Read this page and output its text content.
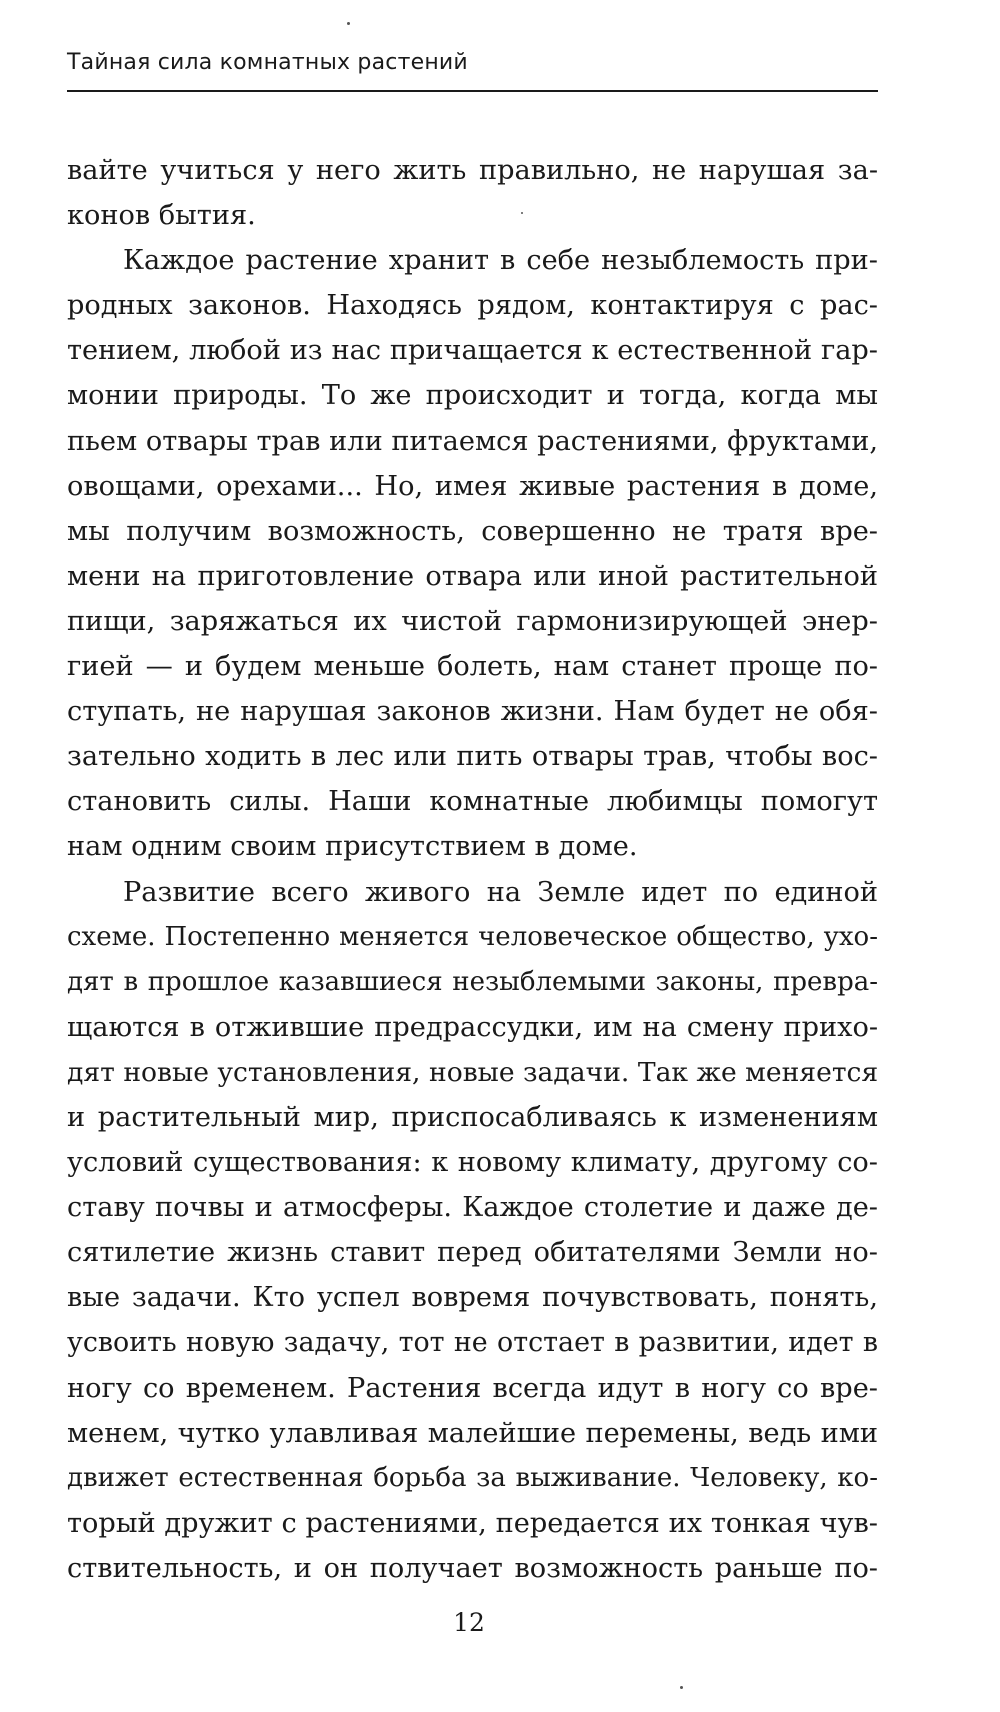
Тайная сила комнатных растений
вайте учиться у него жить правильно, не нарушая за-
конов бытия.
Каждое растение хранит в себе незыблемость при-
родных законов. Находясь рядом, контактируя с рас-
тением, любой из нас причащается к естественной гар-
монии природы. То же происходит и тогда, когда мы
пьем отвары трав или питаемся растениями, фруктами,
овощами, орехами... Но, имея живые растения в доме,
мы получим возможность, совершенно не тратя вре-
мени на приготовление отвара или иной растительной
пищи, заряжаться их чистой гармонизирующей энер-
гией — и будем меньше болеть, нам станет проще по-
ступать, не нарушая законов жизни. Нам будет не обя-
зательно ходить в лес или пить отвары трав, чтобы вос-
становить силы. Наши комнатные любимцы помогут
нам одним своим присутствием в доме.
Развитие всего живого на Земле идет по единой
схеме. Постепенно меняется человеческое общество, ухо-
дят в прошлое казавшиеся незыблемыми законы, превра-
щаются в отжившие предрассудки, им на смену прихо-
дят новые установления, новые задачи. Так же меняется
и растительный мир, приспосабливаясь к изменениям
условий существования: к новому климату, другому со-
ставу почвы и атмосферы. Каждое столетие и даже де-
сятилетие жизнь ставит перед обитателями Земли но-
вые задачи. Кто успел вовремя почувствовать, понять,
усвоить новую задачу, тот не отстает в развитии, идет в
ногу со временем. Растения всегда идут в ногу со вре-
менем, чутко улавливая малейшие перемены, ведь ими
движет естественная борьба за выживание. Человеку, ко-
торый дружит с растениями, передается их тонкая чув-
ствительность, и он получает возможность раньше по-
12
